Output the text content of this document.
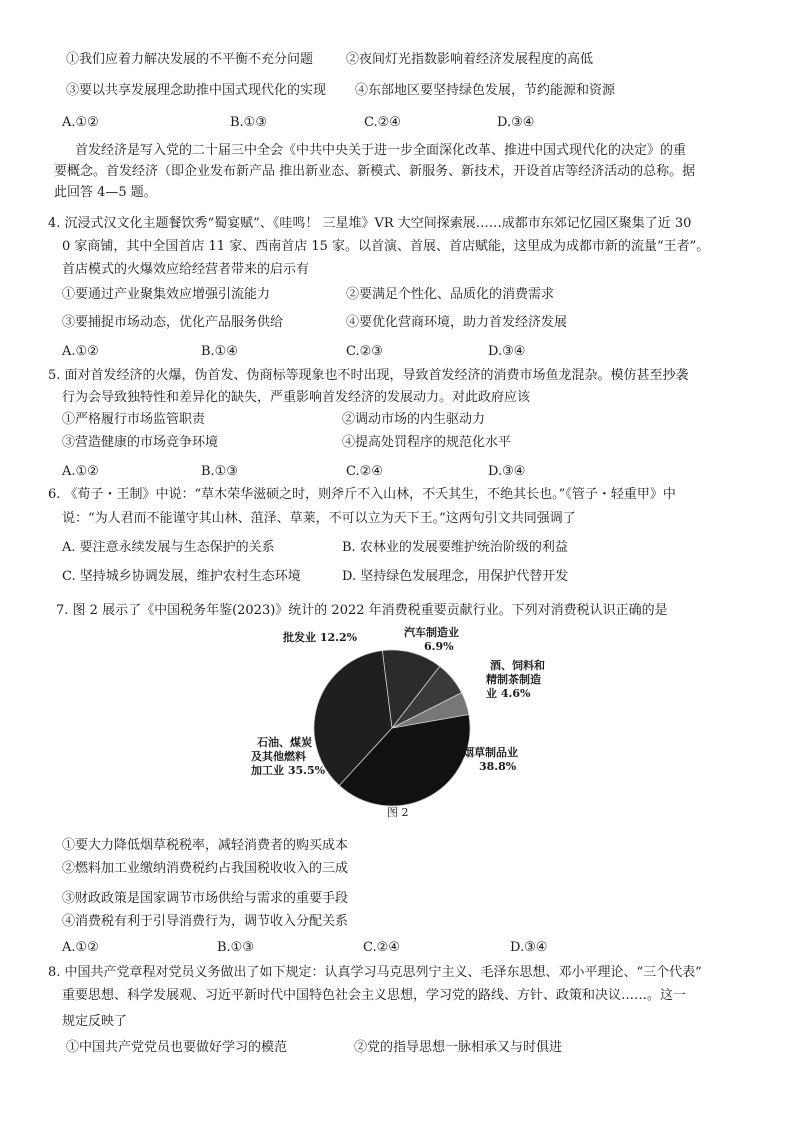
①我们应着力解决发展的不平衡不充分问题	②夜间灯光指数影响着经济发展程度的高低
③要以共享发展理念助推中国式现代化的实现 ④东部地区要坚持绿色发展，节约能源和资源
A.①②	B.①③	C.②④	D.③④
首发经济是写入党的二十届三中全会《中共中央关于进一步全面深化改革、推进中国式现代化的决定》的重
要概念。首发经济（即企业发布新产品 推出新业态、新模式、新服务、新技术，开设首店等经济活动的总称。据
此回答 4—5 题。
4. 沉浸式汉文化主题餐饮秀“蜀宴赋”、《哇鸣！ 三星堆》VR 大空间探索展……成都市东郊记忆园区聚集了近 30
0 家商铺，其中全国首店 11 家、西南首店 15 家。以首演、首展、首店赋能，这里成为成都市新的流量“王者”。
首店模式的火爆效应给经营者带来的启示有
①要通过产业聚集效应增强引流能力	②要满足个性化、品质化的消费需求
③要捕捉市场动态，优化产品服务供给	④要优化营商环境，助力首发经济发展
A.①②	B.①④	C.②③	D.③④
5. 面对首发经济的火爆，伪首发、伪商标等现象也不时出现，导致首发经济的消费市场鱼龙混杂。模仿甚至抄袭
行为会导致独特性和差异化的缺失，严重影响首发经济的发展动力。对此政府应该
①严格履行市场监管职责	②调动市场的内生驱动力
③营造健康的市场竞争环境	④提高处罚程序的规范化水平
A.①②	B.①③	C.②④	D.③④
6. 《荀子・王制》中说：“草木荣华滋硕之时，则斧斤不入山林，不夭其生，不绝其长也。”《管子・轻重甲》中
说：“为人君而不能谨守其山林、菹泽、草莱，不可以立为天下王。”这两句引文共同强调了
A. 要注意永续发展与生态保护的关系	B. 农林业的发展要维护统治阶级的利益
C. 坚持城乡协调发展，维护农村生态环境	D. 坚持绿色发展理念，用保护代替开发
7. 图 2 展示了《中国税务年鉴(2023)》统计的 2022 年消费税重要贡献行业。下列对消费税认识正确的是
批发业 12.2%	汽车制造业
6.9%
酒、饲料和
精制茶制造
业 4.6%
石油、煤炭
及其他燃料
加工业 35.5%
烟草制品业
38.8%
图 2
①要大力降低烟草税税率，减轻消费者的购买成本
②燃料加工业缴纳消费税约占我国税收收入的三成
③财政政策是国家调节市场供给与需求的重要手段
④消费税有利于引导消费行为，调节收入分配关系
A.①②	B.①③	C.②④	D.③④
8. 中国共产党章程对党员义务做出了如下规定：认真学习马克思列宁主义、毛泽东思想、邓小平理论、“三个代表”
重要思想、科学发展观、习近平新时代中国特色社会主义思想，学习党的路线、方针、政策和决议……。这一
规定反映了
①中国共产党党员也要做好学习的模范	②党的指导思想一脉相承又与时俱进
